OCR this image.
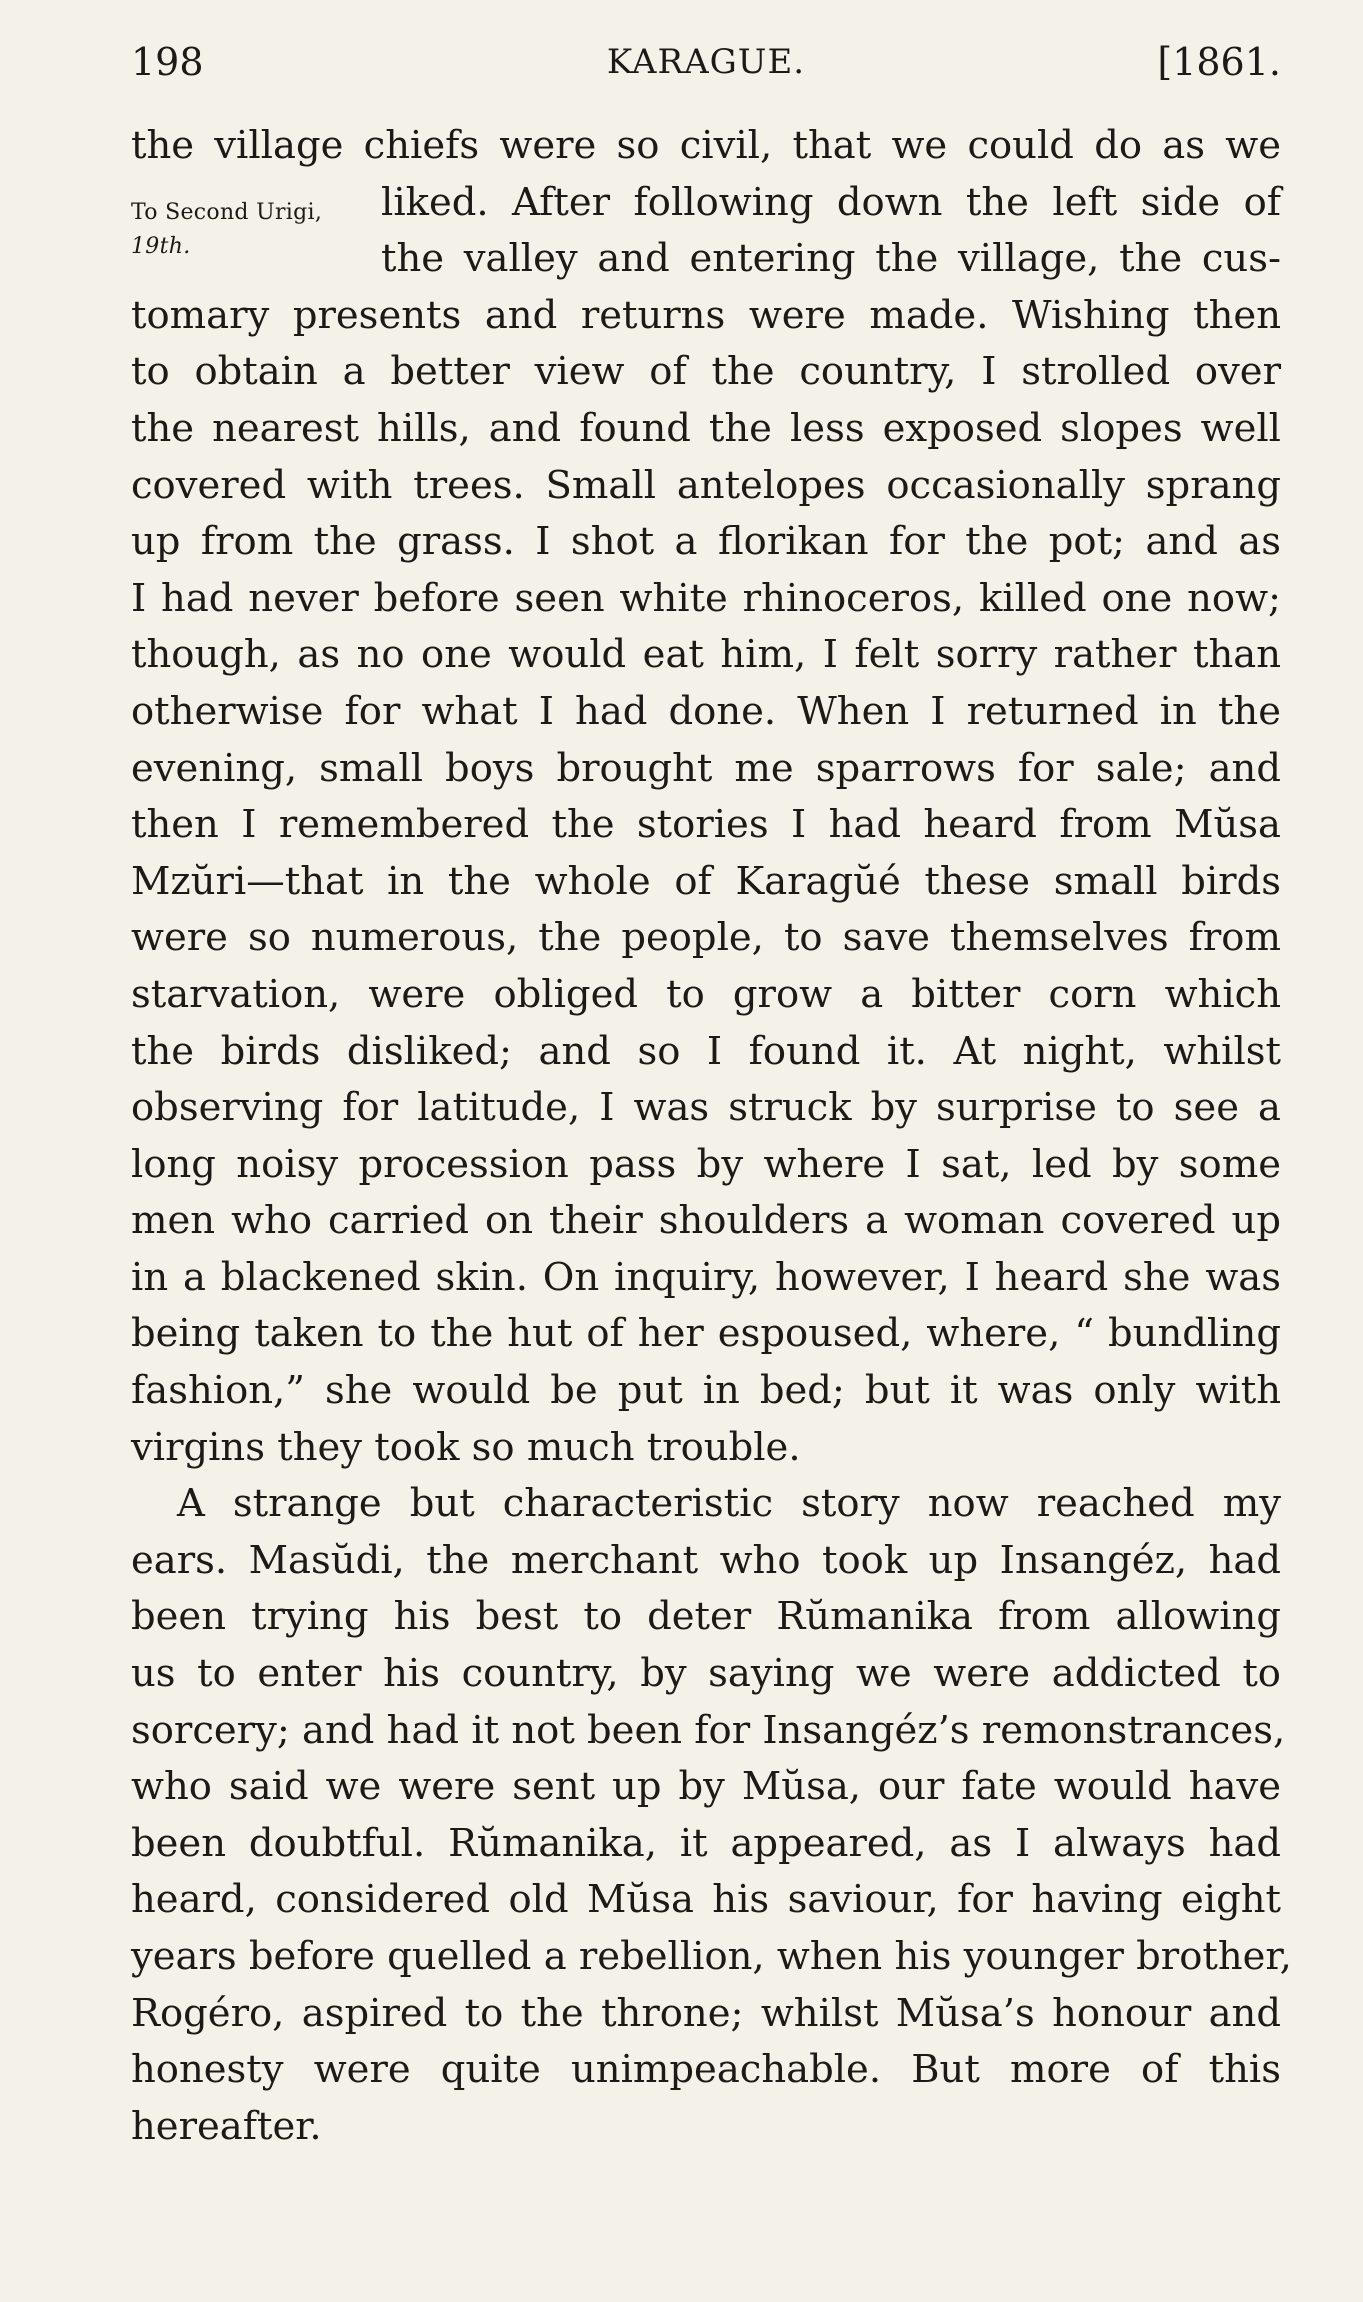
198	KARAGUE.	[1861.
To Second Urigi,
19th.
the village chiefs were so civil, that we could do as we
liked. After following down the left side of
the valley and entering the village, the cus-
tomary presents and returns were made. Wishing then
to obtain a better view of the country, I strolled over
the nearest hills, and found the less exposed slopes well
covered with trees. Small antelopes occasionally sprang
up from the grass. I shot a florikan for the pot; and as
I had never before seen white rhinoceros, killed one now;
though, as no one would eat him, I felt sorry rather than
otherwise for what I had done. When I returned in the
evening, small boys brought me sparrows for sale; and
then I remembered the stories I had heard from Mŭsa
Mzŭri—that in the whole of Karagŭé these small birds
were so numerous, the people, to save themselves from
starvation, were obliged to grow a bitter corn which
the birds disliked; and so I found it. At night, whilst
observing for latitude, I was struck by surprise to see a
long noisy procession pass by where I sat, led by some
men who carried on their shoulders a woman covered up
in a blackened skin. On inquiry, however, I heard she was
being taken to the hut of her espoused, where, “ bundling
fashion,” she would be put in bed; but it was only with
virgins they took so much trouble.
A strange but characteristic story now reached my
ears. Masŭdi, the merchant who took up Insangéz, had
been trying his best to deter Rŭmanika from allowing
us to enter his country, by saying we were addicted to
sorcery; and had it not been for Insangéz’s remonstrances,
who said we were sent up by Mŭsa, our fate would have
been doubtful. Rŭmanika, it appeared, as I always had
heard, considered old Mŭsa his saviour, for having eight
years before quelled a rebellion, when his younger brother,
Rogéro, aspired to the throne; whilst Mŭsa’s honour and
honesty were quite unimpeachable. But more of this
hereafter.
